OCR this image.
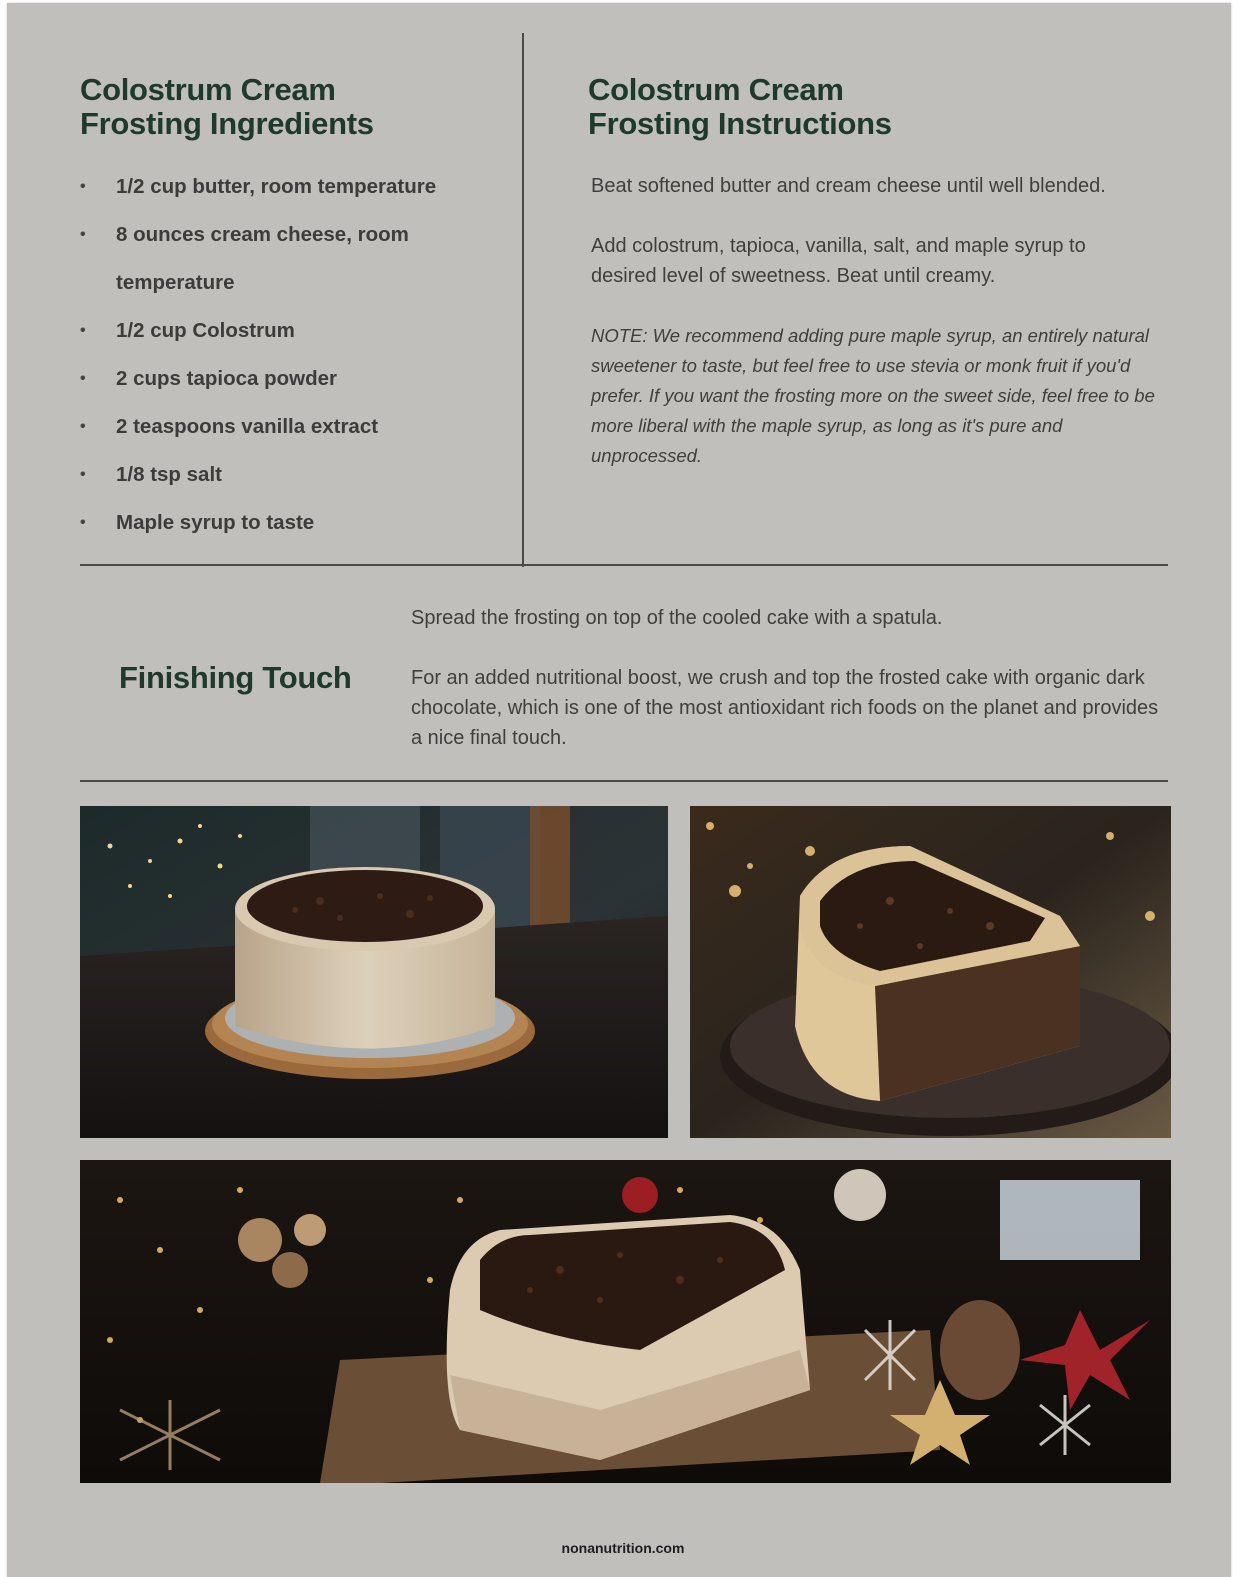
Colostrum Cream
Frosting Ingredients
• 1/2 cup butter, room temperature
• 8 ounces cream cheese, room temperature
• 1/2 cup Colostrum
• 2 cups tapioca powder
• 2 teaspoons vanilla extract
• 1/8 tsp salt
• Maple syrup to taste
Colostrum Cream
Frosting Instructions

Beat softened butter and cream cheese until well blended.

Add colostrum, tapioca, vanilla, salt, and maple syrup to desired level of sweetness. Beat until creamy.

NOTE: We recommend adding pure maple syrup, an entirely natural sweetener to taste, but feel free to use stevia or monk fruit if you'd prefer. If you want the frosting more on the sweet side, feel free to be more liberal with the maple syrup, as long as it's pure and unprocessed.

Finishing Touch

Spread the frosting on top of the cooled cake with a spatula.

For an added nutritional boost, we crush and top the frosted cake with organic dark chocolate, which is one of the most antioxidant rich foods on the planet and provides a nice final touch.

nonanutrition.com
